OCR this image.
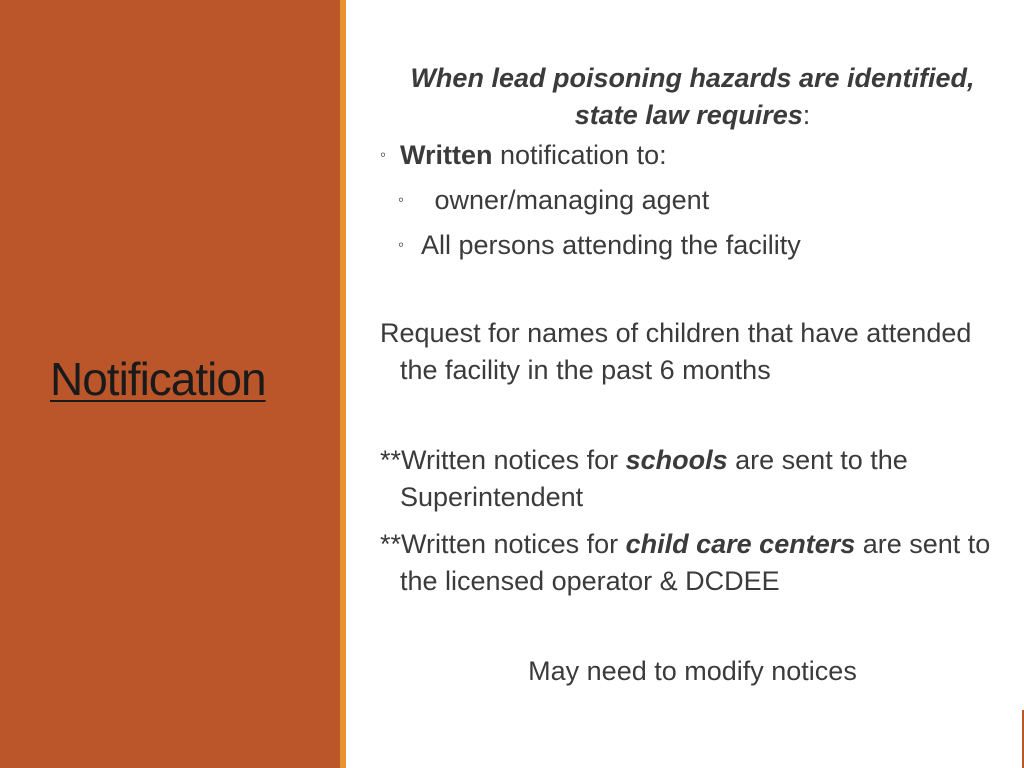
Notification

When lead poisoning hazards are identified, state law requires:

◦ Written notification to:
◦ owner/managing agent
◦ All persons attending the facility
Request for names of children that have attended the facility in the past 6 months
**Written notices for schools are sent to the Superintendent
**Written notices for child care centers are sent to the licensed operator & DCDEE
May need to modify notices
